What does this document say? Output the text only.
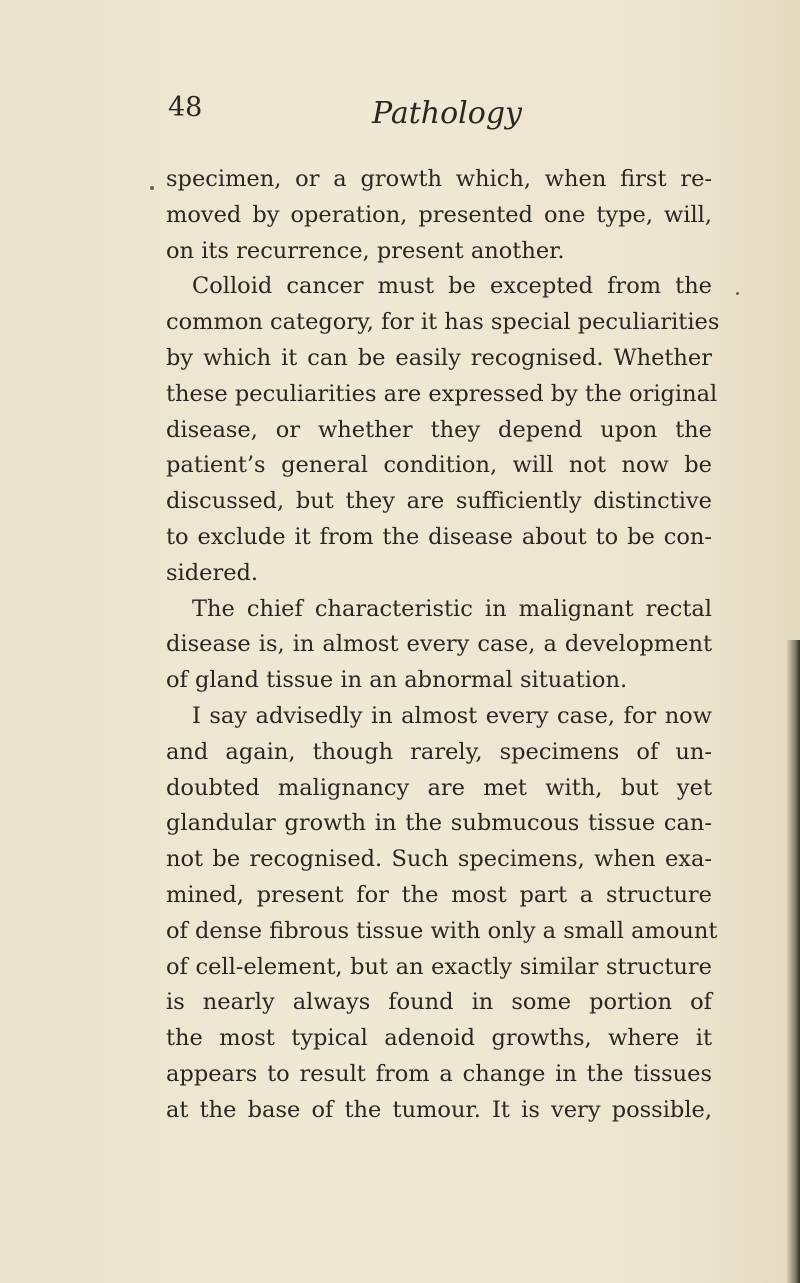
48	Pathology
specimen, or a growth which, when first re-
moved by operation, presented one type, will,
on its recurrence, present another.
Colloid cancer must be excepted from the
common category, for it has special peculiarities
by which it can be easily recognised. Whether
these peculiarities are expressed by the original
disease, or whether they depend upon the
patient’s general condition, will not now be
discussed, but they are sufficiently distinctive
to exclude it from the disease about to be con-
sidered.
The chief characteristic in malignant rectal
disease is, in almost every case, a development
of gland tissue in an abnormal situation.
I say advisedly in almost every case, for now
and again, though rarely, specimens of un-
doubted malignancy are met with, but yet
glandular growth in the submucous tissue can-
not be recognised. Such specimens, when exa-
mined, present for the most part a structure
of dense fibrous tissue with only a small amount
of cell-element, but an exactly similar structure
is nearly always found in some portion of
the most typical adenoid growths, where it
appears to result from a change in the tissues
at the base of the tumour. It is very possible,
